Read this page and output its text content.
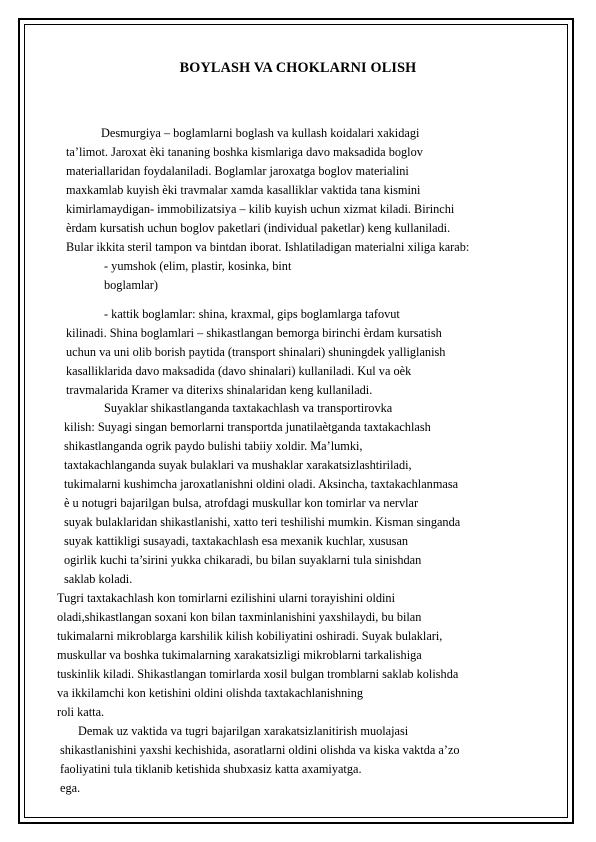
BOYLASH VA CHOKLARNI OLISH
Desmurgiya – boglamlarni boglash va kullash koidalari xakidagi
ta’limot. Jaroxat ѐki tananing boshka kismlariga davo maksadida boglov
materiallaridan foydalaniladi. Boglamlar jaroxatga boglov materialini
maxkamlab kuyish ѐki travmalar xamda kasalliklar vaktida tana kismini
kimirlamaydigan- immobilizatsiya – kilib kuyish uchun xizmat kiladi. Birinchi
ѐrdam kursatish uchun boglov paketlari (individual paketlar) keng kullaniladi.
Bular ikkita steril tampon va bintdan iborat. Ishlatiladigan materialni xiliga karab:
- yumshok (elim, plastir, kosinka, bint
boglamlar)
- kattik boglamlar: shina, kraxmal, gips boglamlarga tafovut
kilinadi. Shina boglamlari – shikastlangan bemorga birinchi ѐrdam kursatish
uchun va uni olib borish paytida (transport shinalari) shuningdek yalliglanish
kasalliklarida davo maksadida (davo shinalari) kullaniladi. Kul va oѐk
travmalarida Kramer va diterixs shinalaridan keng kullaniladi.
Suyaklar shikastlanganda taxtakachlash va transportirovka
kilish: Suyagi singan bemorlarni transportda junatilaѐtganda taxtakachlash
shikastlanganda ogrik paydo bulishi tabiiy xoldir. Ma’lumki,
taxtakachlanganda suyak bulaklari va mushaklar xarakatsizlashtiriladi,
tukimalarni kushimcha jaroxatlanishni oldini oladi. Aksincha, taxtakachlanmasa
ѐ u notugri bajarilgan bulsa, atrofdagi muskullar kon tomirlar va nervlar
suyak bulaklaridan shikastlanishi, xatto teri teshilishi mumkin. Kisman singanda
suyak kattikligi susayadi, taxtakachlash esa mexanik kuchlar, xususan
ogirlik kuchi ta’sirini yukka chikaradi, bu bilan suyaklarni tula sinishdan
saklab koladi.
Tugri taxtakachlash kon tomirlarni ezilishini ularni torayishini oldini
oladi,shikastlangan soxani kon bilan taxminlanishini yaxshilaydi, bu bilan
tukimalarni mikroblarga karshilik kilish kobiliyatini oshiradi. Suyak bulaklari,
muskullar va boshka tukimalarning xarakatsizligi mikroblarni tarkalishiga
tuskinlik kiladi. Shikastlangan tomirlarda xosil bulgan tromblarni saklab kolishda
va ikkilamchi kon ketishini oldini olishda taxtakachlanishning
roli katta.
Demak uz vaktida va tugri bajarilgan xarakatsizlanitirish muolajasi
shikastlanishini yaxshi kechishida, asoratlarni oldini olishda va kiska vaktda a’zo
faoliyatini tula tiklanib ketishida shubxasiz katta axamiyatga.
ega.
